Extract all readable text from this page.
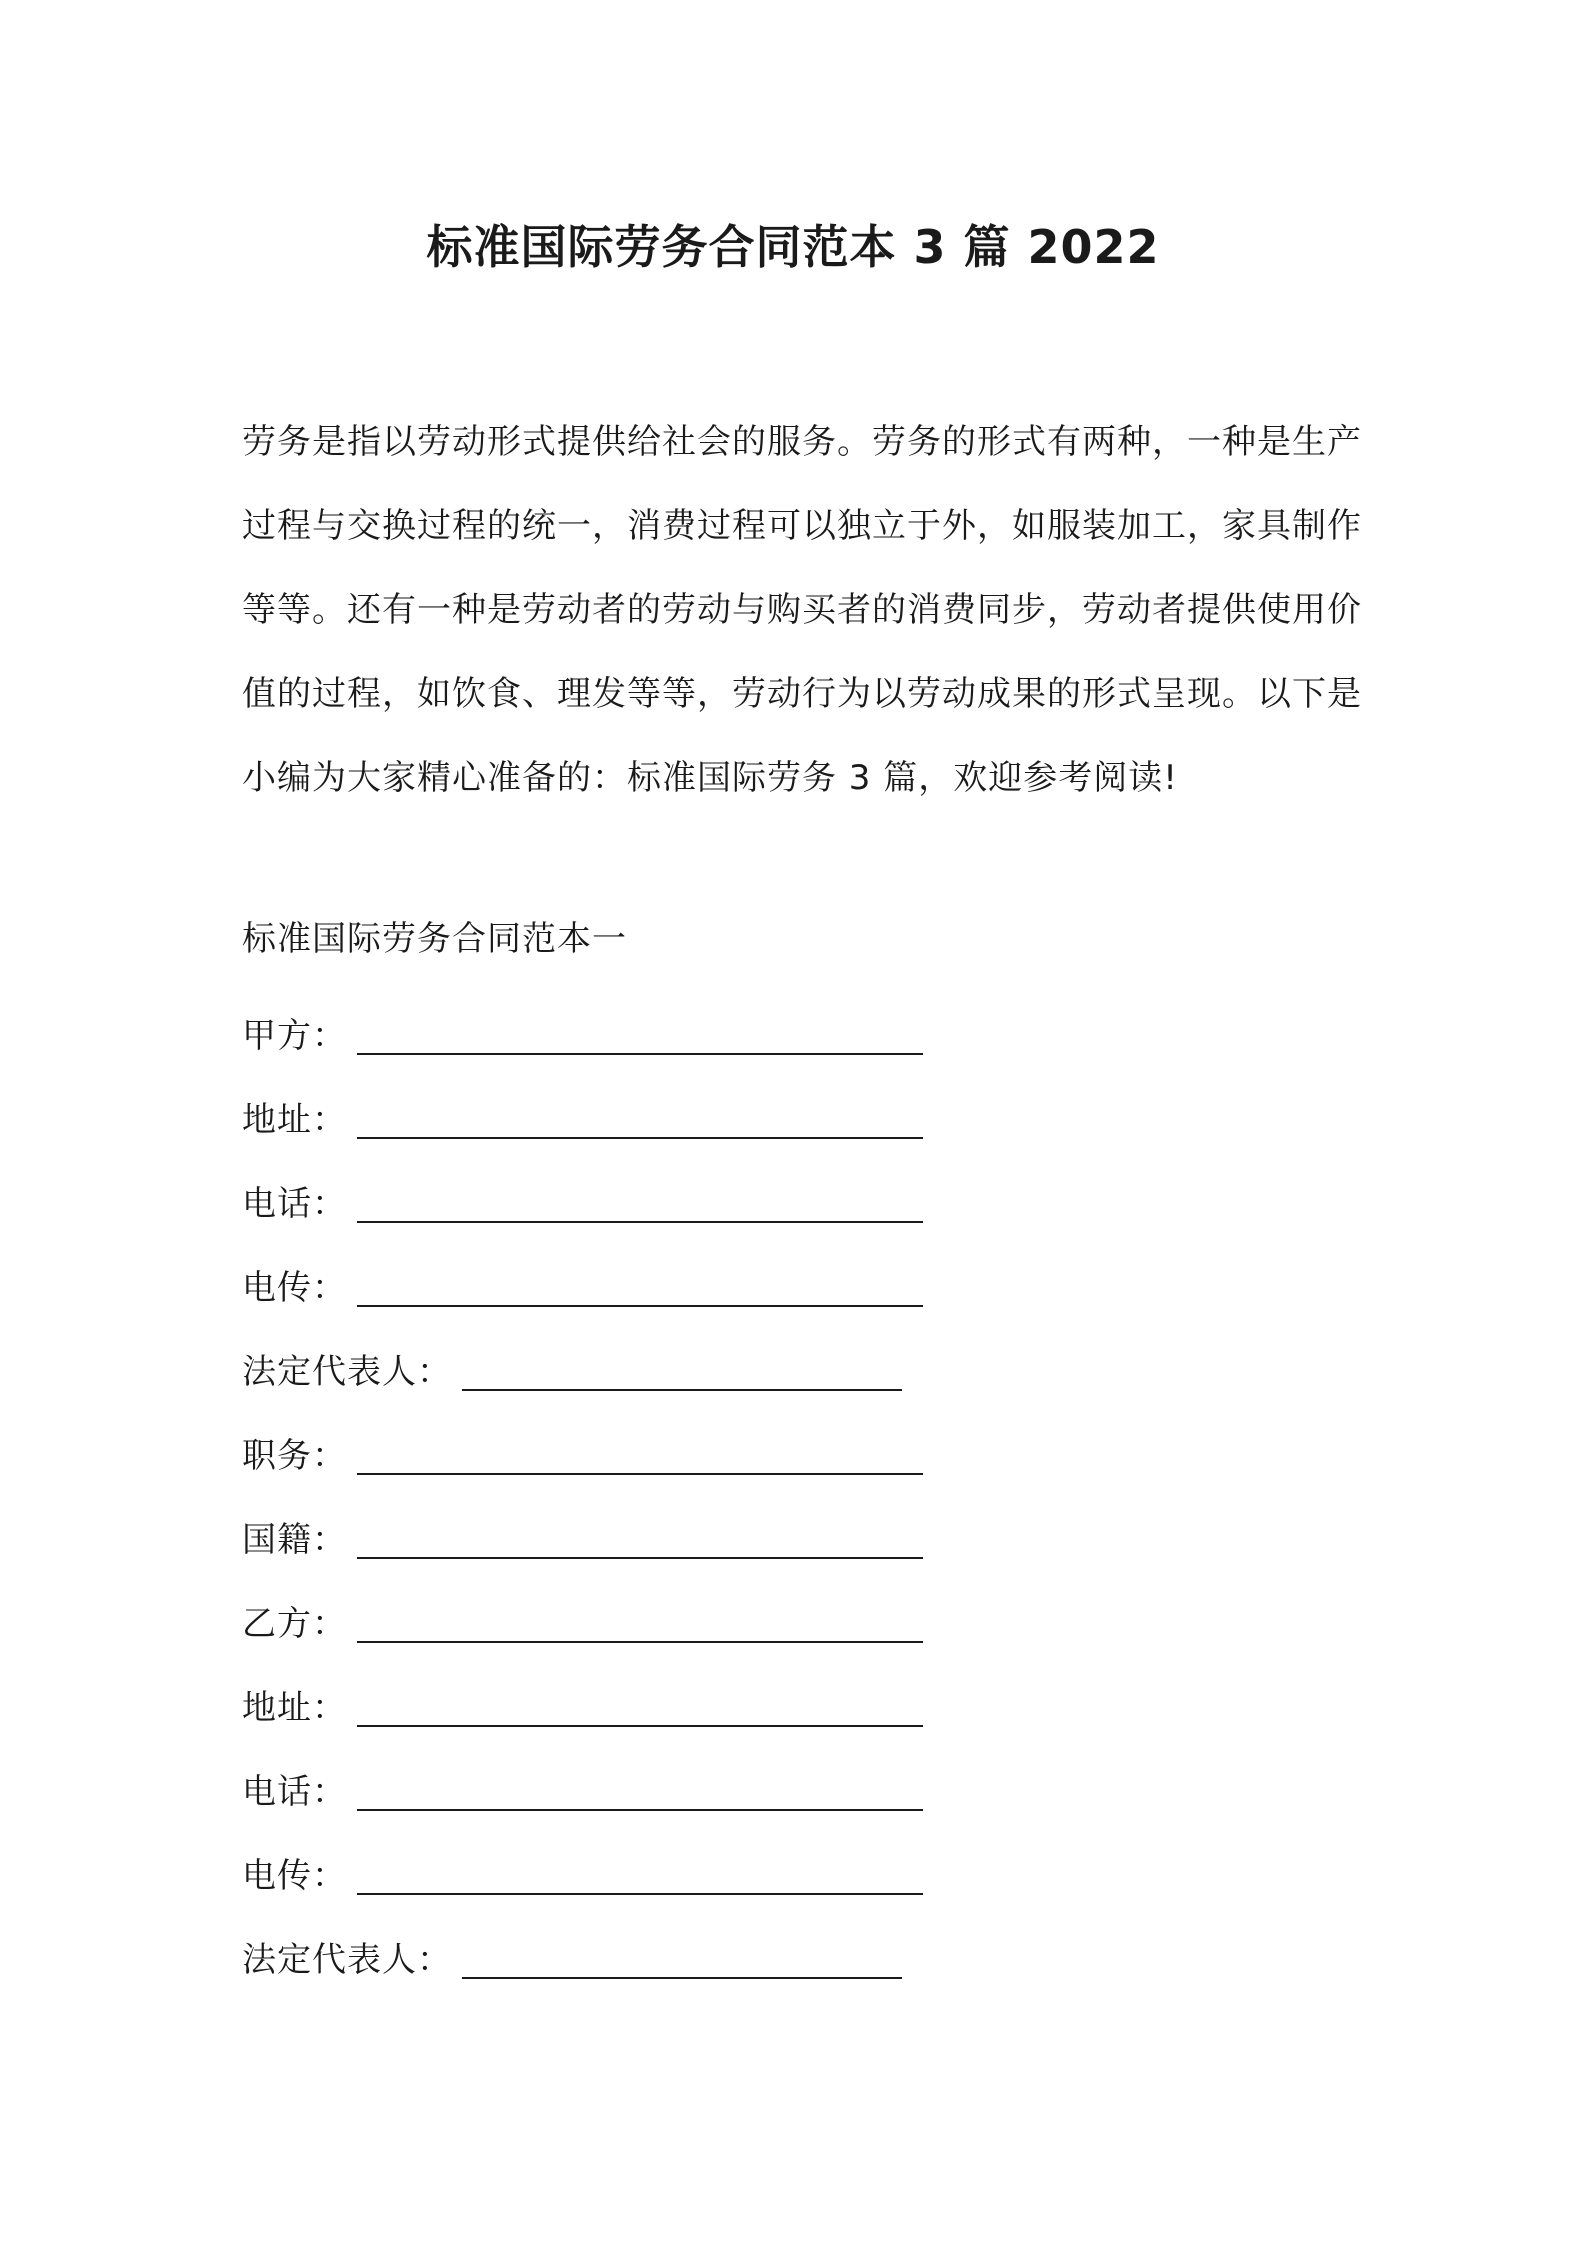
标准国际劳务合同范本 3 篇 2022

劳务是指以劳动形式提供给社会的服务。劳务的形式有两种，一种是生产过程与交换过程的统一，消费过程可以独立于外，如服装加工，家具制作等等。还有一种是劳动者的劳动与购买者的消费同步，劳动者提供使用价值的过程，如饮食、理发等等，劳动行为以劳动成果的形式呈现。以下是小编为大家精心准备的：标准国际劳务 3 篇，欢迎参考阅读!

标准国际劳务合同范本一

甲方：
地址：
电话：
电传：
法定代表人：
职务：
国籍：
乙方：
地址：
电话：
电传：
法定代表人：
